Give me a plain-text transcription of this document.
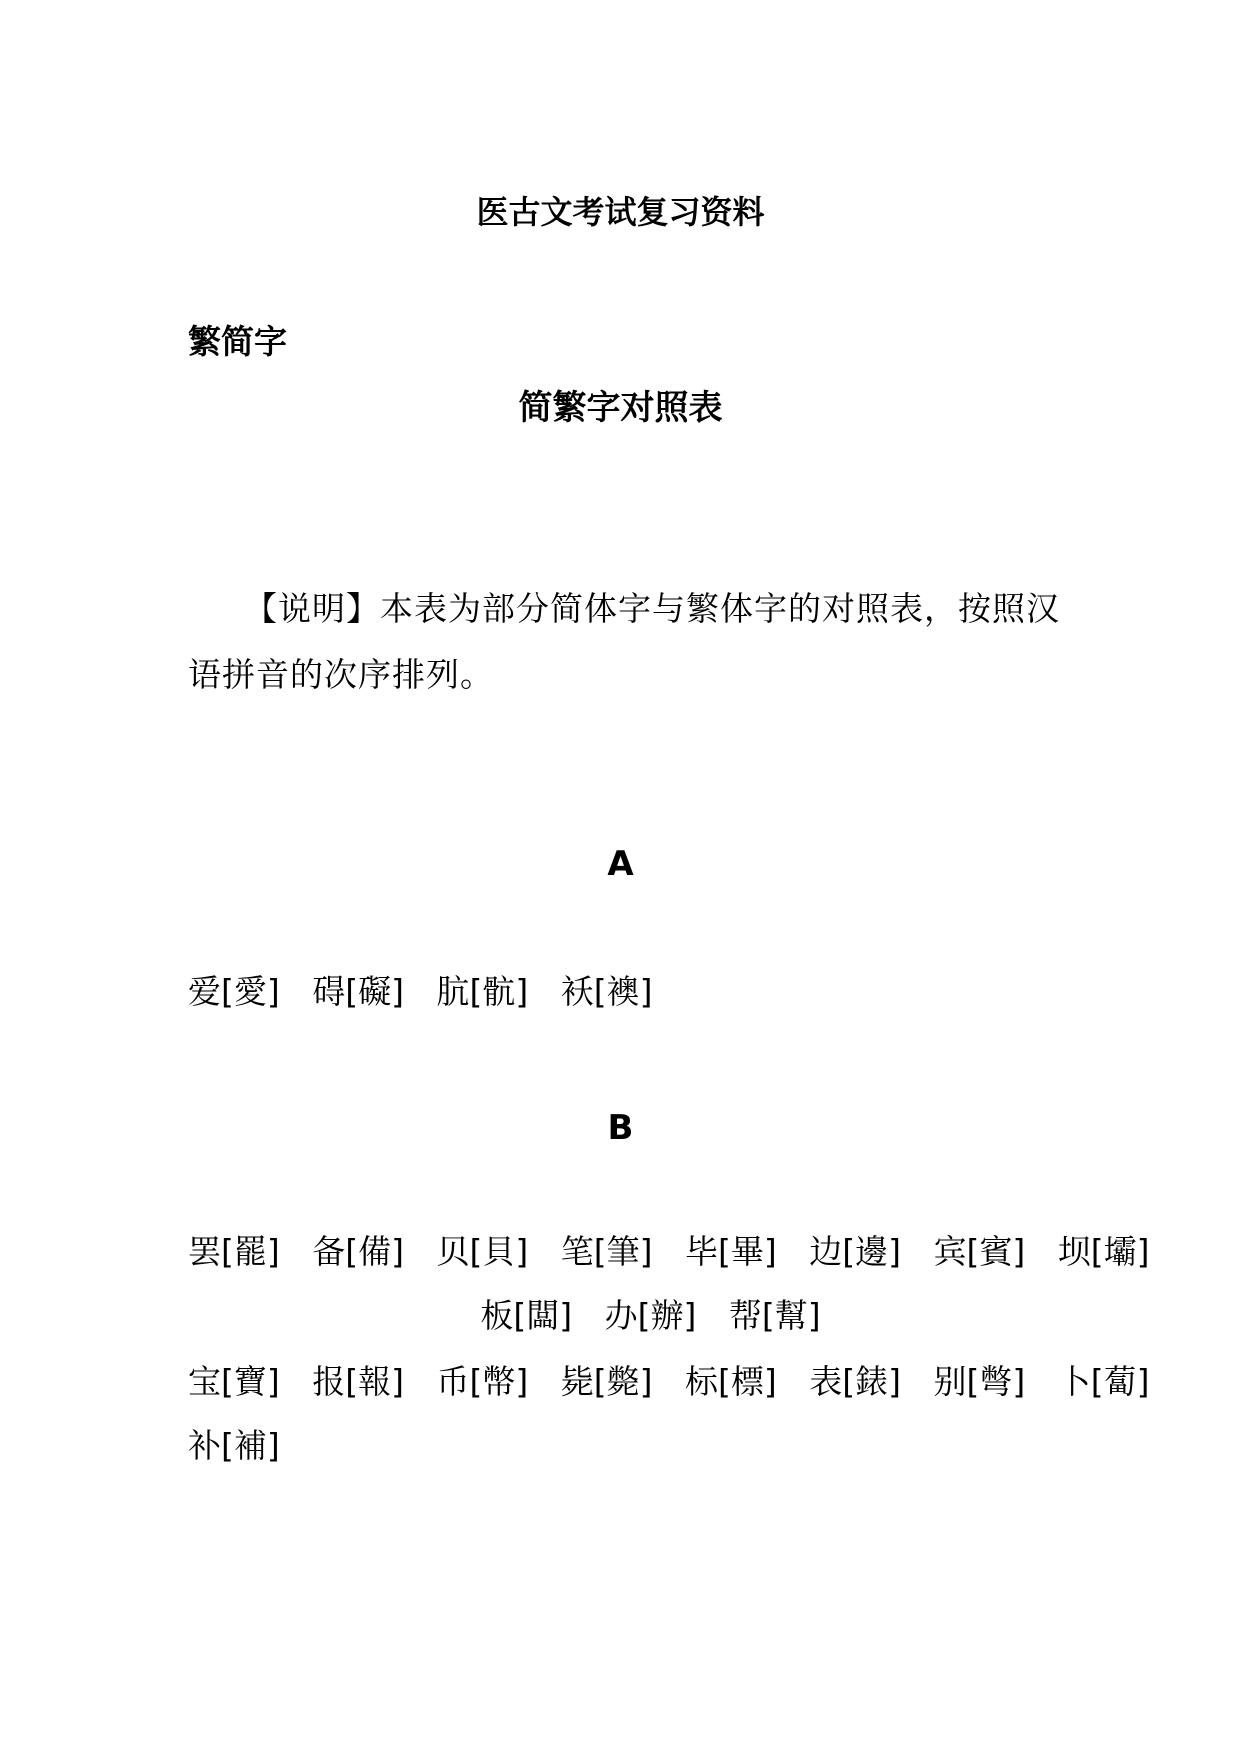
医古文考试复习资料
繁简字
简繁字对照表

【说明】本表为部分简体字与繁体字的对照表，按照汉语拼音的次序排列。

A
爱[愛] 碍[礙] 肮[骯] 袄[襖]
B
罢[罷] 备[備] 贝[貝] 笔[筆] 毕[畢] 边[邊] 宾[賓] 坝[壩]
板[闆] 办[辦] 帮[幫]
宝[寶] 报[報] 币[幣] 毙[斃] 标[標] 表[錶] 别[彆] 卜[蔔]
补[補]
